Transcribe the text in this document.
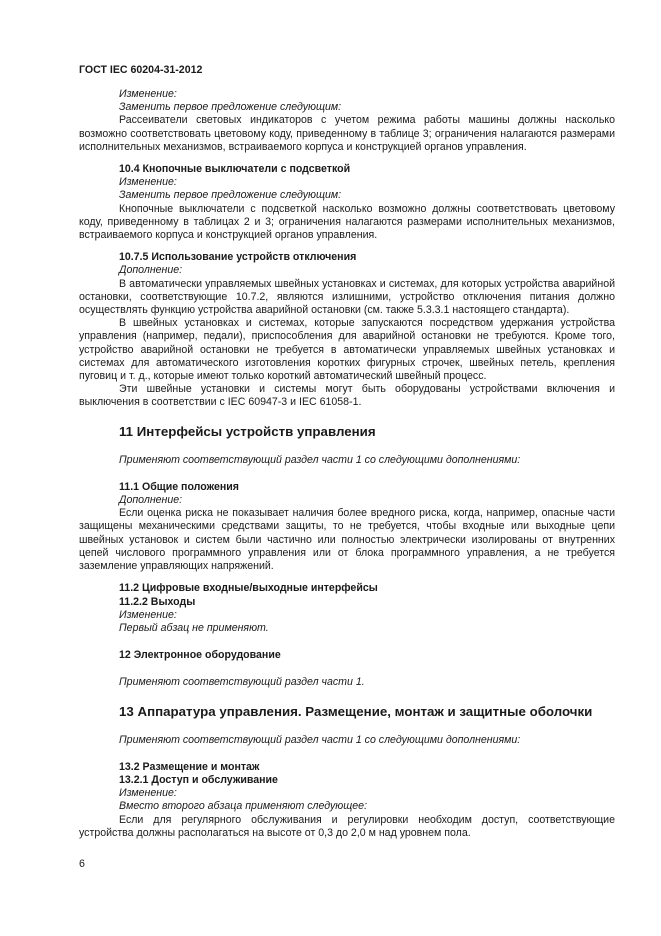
ГОСТ IEC 60204-31-2012

Изменение:

Заменить первое предложение следующим:

Рассеиватели световых индикаторов с учетом режима работы машины должны насколько возможно соответствовать цветовому коду, приведенному в таблице 3; ограничения налагаются размерами исполнительных механизмов, встраиваемого корпуса и конструкцией органов управления.

10.4 Кнопочные выключатели с подсветкой

Изменение:

Заменить первое предложение следующим:

Кнопочные выключатели с подсветкой насколько возможно должны соответствовать цветовому коду, приведенному в таблицах 2 и 3; ограничения налагаются размерами исполнительных механизмов, встраиваемого корпуса и конструкцией органов управления.

10.7.5 Использование устройств отключения

Дополнение:

В автоматически управляемых швейных установках и системах, для которых устройства аварийной остановки, соответствующие 10.7.2, являются излишними, устройство отключения питания должно осуществлять функцию устройства аварийной остановки (см. также 5.3.3.1 настоящего стандарта).

В швейных установках и системах, которые запускаются посредством удержания устройства управления (например, педали), приспособления для аварийной остановки не требуются. Кроме того, устройство аварийной остановки не требуется в автоматически управляемых швейных установках и системах для автоматического изготовления коротких фигурных строчек, швейных петель, крепления пуговиц и т. д., которые имеют только короткий автоматический швейный процесс.

Эти швейные установки и системы могут быть оборудованы устройствами включения и выключения в соответствии с IEC 60947-3 и IEC 61058-1.

11 Интерфейсы устройств управления

Применяют соответствующий раздел части 1 со следующими дополнениями:

11.1 Общие положения

Дополнение:

Если оценка риска не показывает наличия более вредного риска, когда, например, опасные части защищены механическими средствами защиты, то не требуется, чтобы входные или выходные цепи швейных установок и систем были частично или полностью электрически изолированы от внутренних цепей числового программного управления или от блока программного управления, а не требуется заземление управляющих напряжений.

11.2 Цифровые входные/выходные интерфейсы

11.2.2 Выходы

Изменение:

Первый абзац не применяют.

12 Электронное оборудование

Применяют соответствующий раздел части 1.

13 Аппаратура управления. Размещение, монтаж и защитные оболочки

Применяют соответствующий раздел части 1 со следующими дополнениями:

13.2 Размещение и монтаж

13.2.1 Доступ и обслуживание

Изменение:

Вместо второго абзаца применяют следующее:

Если для регулярного обслуживания и регулировки необходим доступ, соответствующие устройства должны располагаться на высоте от 0,3 до 2,0 м над уровнем пола.

6
